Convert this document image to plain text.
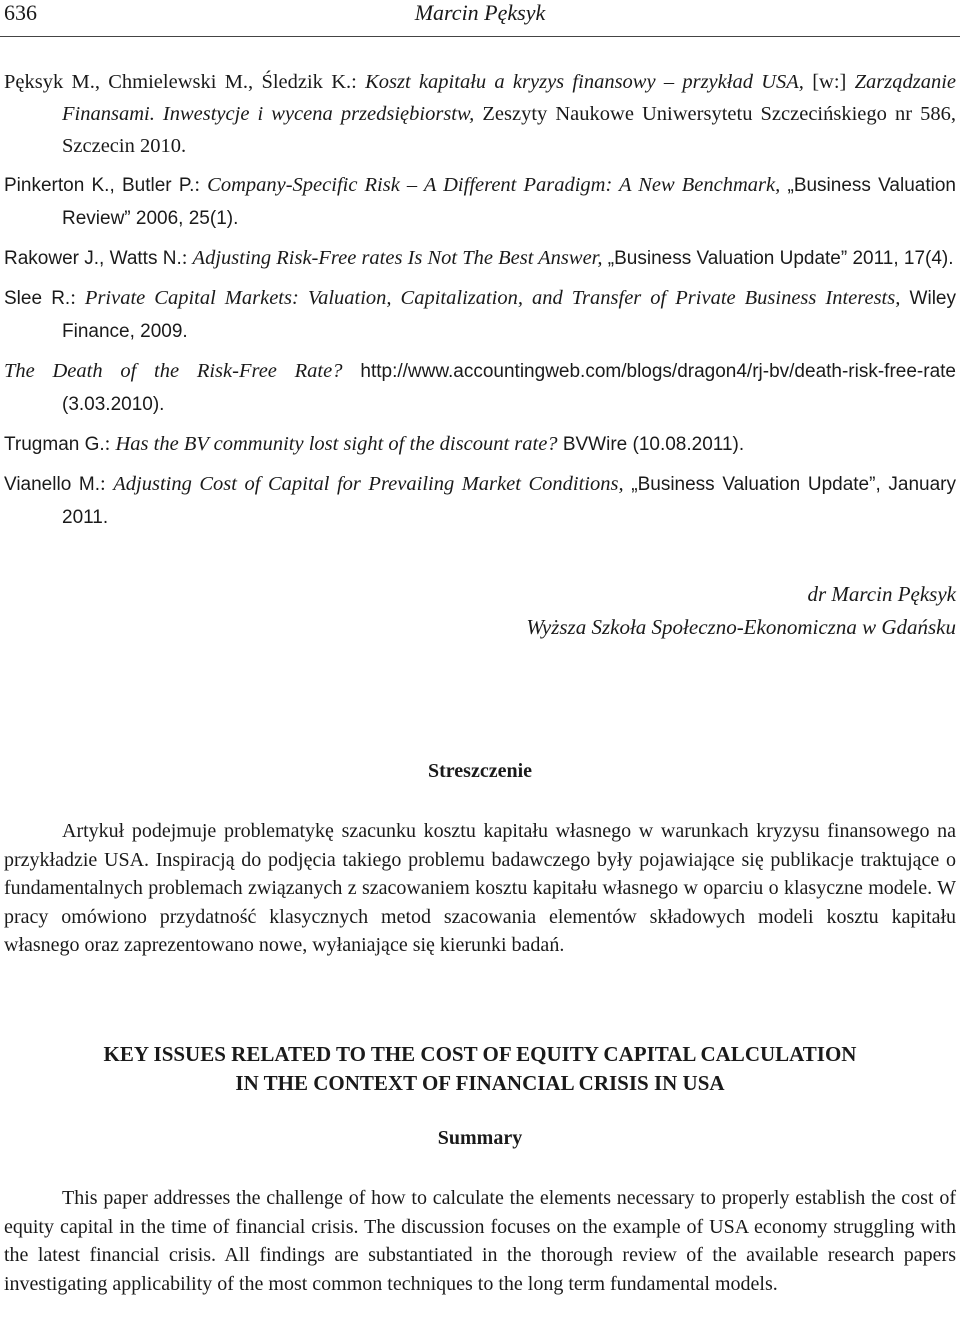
636	Marcin Pęksyk

Pęksyk M., Chmielewski M., Śledzik K.: Koszt kapitału a kryzys finansowy – przykład USA, [w:] Zarządzanie Finansami. Inwestycje i wycena przedsiębiorstw, Zeszyty Naukowe Uniwersytetu Szczecińskiego nr 586, Szczecin 2010.

Pinkerton K., Butler P.: Company-Specific Risk – A Different Paradigm: A New Benchmark, „Business Valuation Review” 2006, 25(1).

Rakower J., Watts N.: Adjusting Risk-Free rates Is Not The Best Answer, „Business Valuation Update” 2011, 17(4).

Slee R.: Private Capital Markets: Valuation, Capitalization, and Transfer of Private Business Interests, Wiley Finance, 2009.

The Death of the Risk-Free Rate? http://www.accountingweb.com/blogs/dragon4/rj-bv/death-risk-free-rate (3.03.2010).

Trugman G.: Has the BV community lost sight of the discount rate? BVWire (10.08.2011).

Vianello M.: Adjusting Cost of Capital for Prevailing Market Conditions, „Business Valuation Update”, January 2011.

dr Marcin Pęksyk
Wyższa Szkoła Społeczno-Ekonomiczna w Gdańsku
Streszczenie

Artykuł podejmuje problematykę szacunku kosztu kapitału własnego w warunkach kryzysu finansowego na przykładzie USA. Inspiracją do podjęcia takiego problemu badawczego były pojawiające się publikacje traktujące o fundamentalnych problemach związanych z szacowaniem kosztu kapitału własnego w oparciu o klasyczne modele. W pracy omówiono przydatność klasycznych metod szacowania elementów składowych modeli kosztu kapitału własnego oraz zaprezentowano nowe, wyłaniające się kierunki badań.

KEY ISSUES RELATED TO THE COST OF EQUITY CAPITAL CALCULATION
IN THE CONTEXT OF FINANCIAL CRISIS IN USA
Summary

This paper addresses the challenge of how to calculate the elements necessary to properly establish the cost of equity capital in the time of financial crisis. The discussion focuses on the example of USA economy struggling with the latest financial crisis. All findings are substantiated in the thorough review of the available research papers investigating applicability of the most common techniques to the long term fundamental models.
